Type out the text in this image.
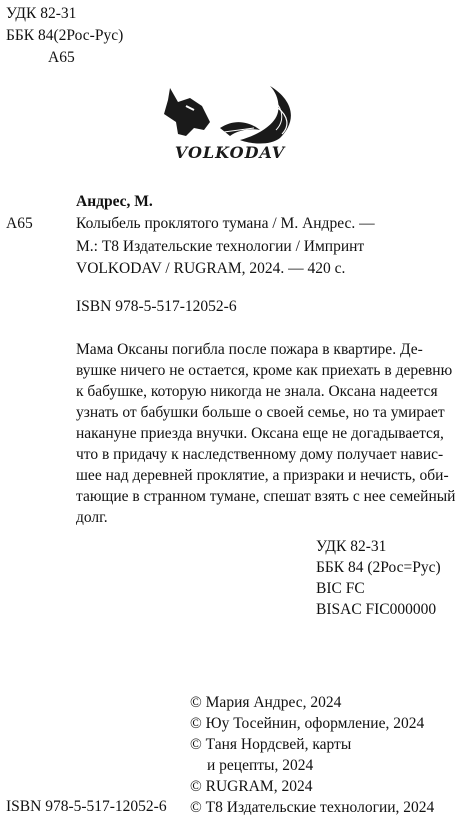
УДК 82-31
ББК 84(2Рос-Рус)
А65
VOLKODAV
Андрес, М.
А65	Колыбель проклятого тумана / М. Андрес. —
М.: Т8 Издательские технологии / Импринт
VOLKODAV / RUGRAM, 2024. — 420 с.
ISBN 978-5-517-12052-6

Мама Оксаны погибла после пожара в квартире. Де-

вушке ничего не остается, кроме как приехать в деревню

к бабушке, которую никогда не знала. Оксана надеется

узнать от бабушки больше о своей семье, но та умирает

накануне приезда внучки. Оксана еще не догадывается,

что в придачу к наследственному дому получает навис-

шее над деревней проклятие, а призраки и нечисть, оби-

тающие в странном тумане, спешат взять с нее семейный

долг.

УДК 82-31
ББК 84 (2Рос=Рус)
BIC FC
BISAC FIC000000
© Мария Андрес, 2024
© Юу Тосейнин, оформление, 2024
© Таня Нордсвей, карты
и рецепты, 2024
© RUGRAM, 2024
© Т8 Издательские технологии, 2024
ISBN 978-5-517-12052-6
